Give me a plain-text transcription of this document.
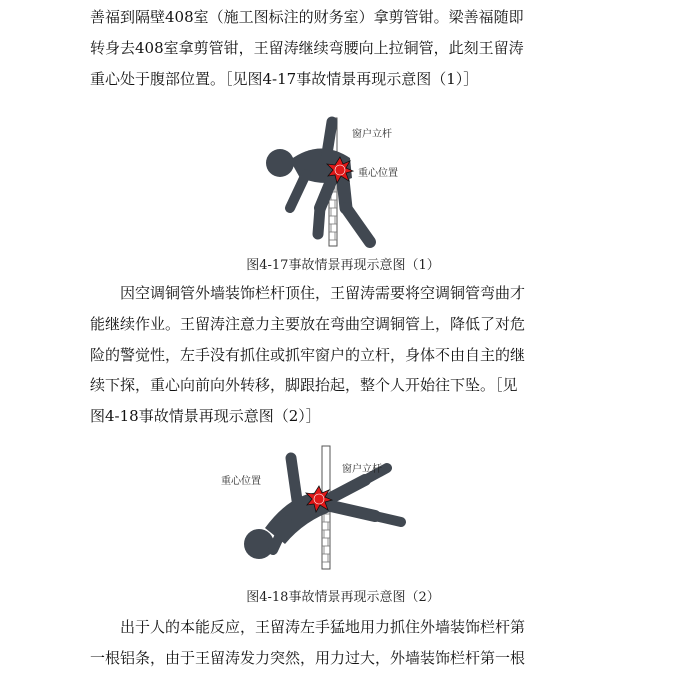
善福到隔壁408室（施工图标注的财务室）拿剪管钳。梁善福随即
转身去408室拿剪管钳，王留涛继续弯腰向上拉铜管，此刻王留涛
重心处于腹部位置。［见图4-17事故情景再现示意图（1）］
窗户立杆
重心位置
图4-17事故情景再现示意图（1）
　　因空调铜管外墙装饰栏杆顶住，王留涛需要将空调铜管弯曲才
能继续作业。王留涛注意力主要放在弯曲空调铜管上，降低了对危
险的警觉性，左手没有抓住或抓牢窗户的立杆，身体不由自主的继
续下探，重心向前向外转移，脚跟抬起，整个人开始往下坠。［见
图4-18事故情景再现示意图（2）］
重心位置
窗户立杆
图4-18事故情景再现示意图（2）
　　出于人的本能反应，王留涛左手猛地用力抓住外墙装饰栏杆第
一根铝条，由于王留涛发力突然，用力过大，外墙装饰栏杆第一根
